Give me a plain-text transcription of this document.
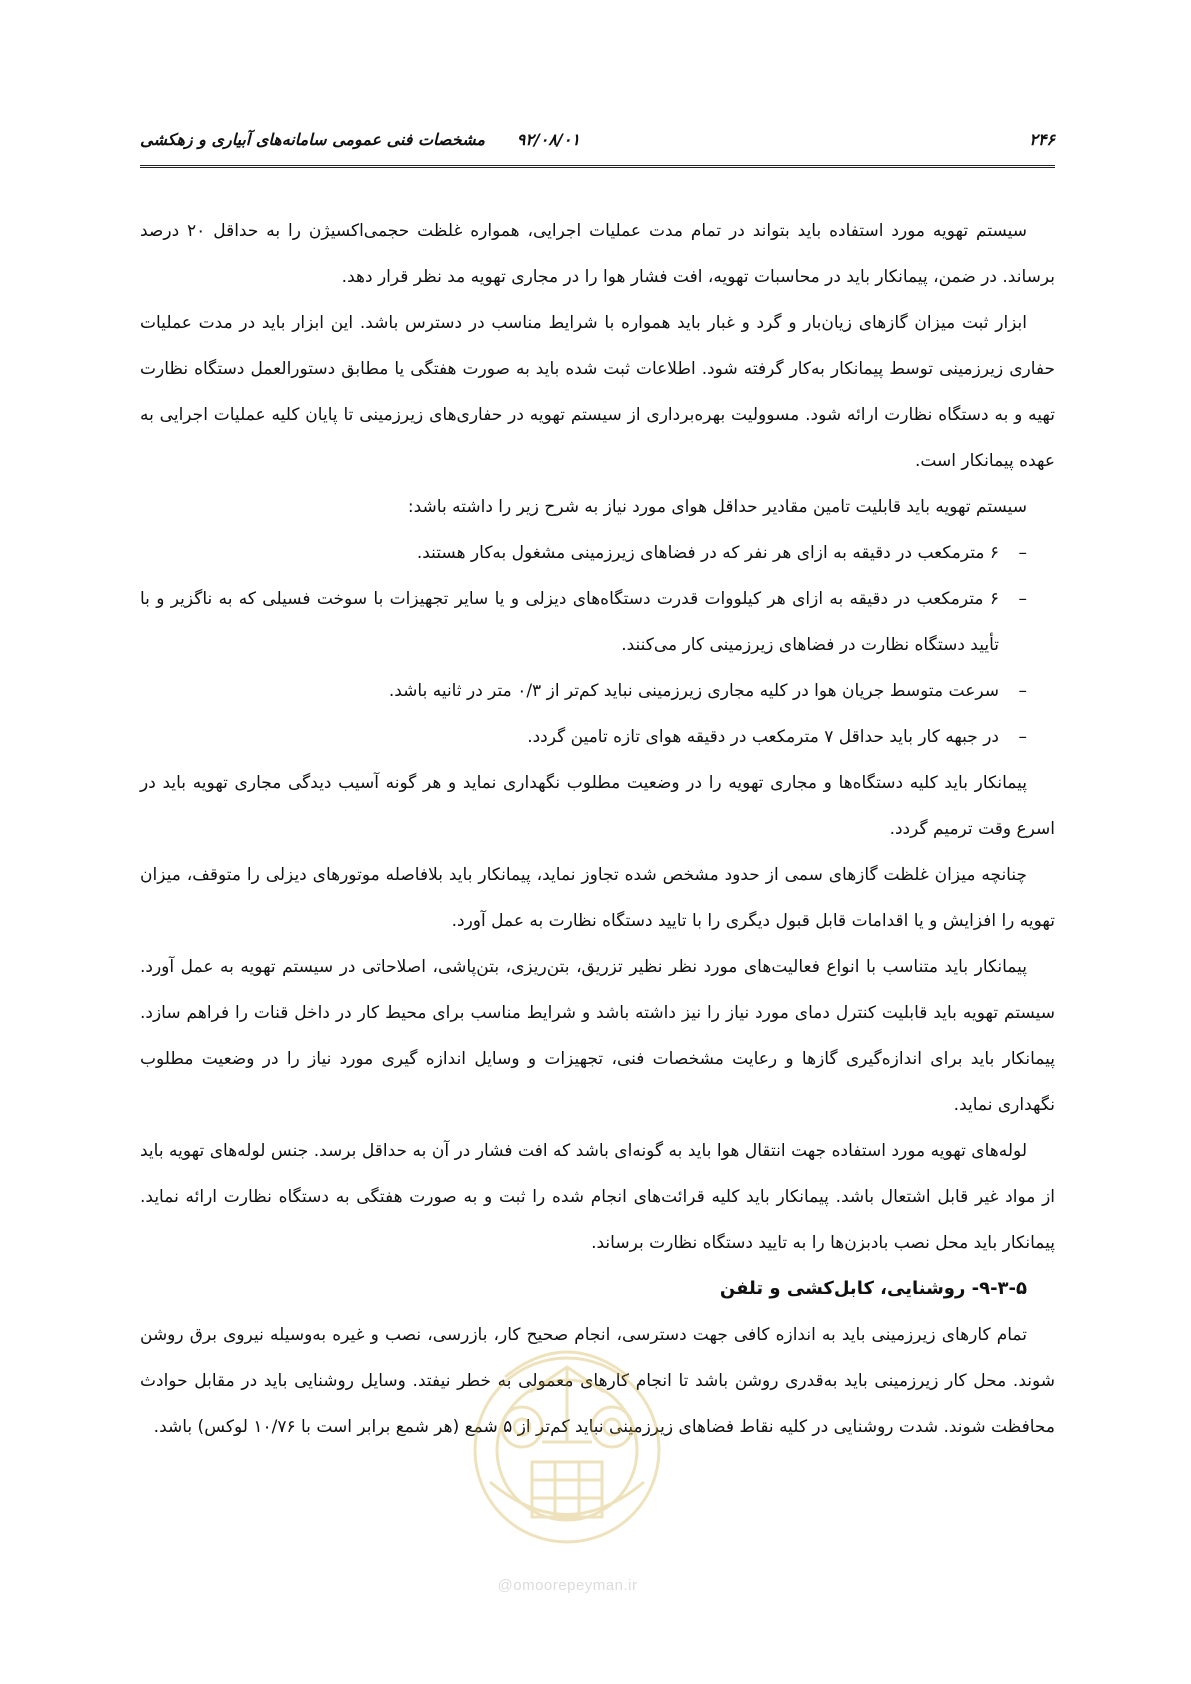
۲۴۶
۹۲/۰۸/۰۱
مشخصات فنی عمومی سامانه‌های آبیاری و زهکشی

سیستم تهویه مورد استفاده باید بتواند در تمام مدت عملیات اجرایی، همواره غلظت حجمی‌اکسیژن را به حداقل ۲۰ درصد برساند. در ضمن، پیمانکار باید در محاسبات تهویه، افت فشار هوا را در مجاری تهویه مد نظر قرار دهد.

ابزار ثبت میزان گازهای زیان‌بار و گرد و غبار باید همواره با شرایط مناسب در دسترس باشد. این ابزار باید در مدت عملیات حفاری زیرزمینی توسط پیمانکار به‌کار گرفته شود. اطلاعات ثبت شده باید به صورت هفتگی یا مطابق دستورالعمل دستگاه نظارت تهیه و به دستگاه نظارت ارائه شود. مسوولیت بهره‌برداری از سیستم تهویه در حفاری‌های زیرزمینی تا پایان کلیه عملیات اجرایی به عهده پیمانکار است.

سیستم تهویه باید قابلیت تامین مقادیر حداقل هوای مورد نیاز به شرح زیر را داشته باشد:

–
۶ مترمکعب در دقیقه به ازای هر نفر که در فضاهای زیرزمینی مشغول به‌کار هستند.
–
۶ مترمکعب در دقیقه به ازای هر کیلووات قدرت دستگاه‌های دیزلی و یا سایر تجهیزات با سوخت فسیلی که به ناگزیر و با تأیید دستگاه نظارت در فضاهای زیرزمینی کار می‌کنند.
–
سرعت متوسط جریان هوا در کلیه مجاری زیرزمینی نباید کم‌تر از ۰/۳ متر در ثانیه باشد.
–
در جبهه کار باید حداقل ۷ مترمکعب در دقیقه هوای تازه تامین گردد.

پیمانکار باید کلیه دستگاه‌ها و مجاری تهویه را در وضعیت مطلوب نگهداری نماید و هر گونه آسیب دیدگی مجاری تهویه باید در اسرع وقت ترمیم گردد.

چنانچه میزان غلظت گازهای سمی از حدود مشخص شده تجاوز نماید، پیمانکار باید بلافاصله موتورهای دیزلی را متوقف، میزان تهویه را افزایش و یا اقدامات قابل قبول دیگری را با تایید دستگاه نظارت به عمل آورد.

پیمانکار باید متناسب با انواع فعالیت‌های مورد نظر نظیر تزریق، بتن‌ریزی، بتن‌پاشی، اصلاحاتی در سیستم تهویه به عمل آورد. سیستم تهویه باید قابلیت کنترل دمای مورد نیاز را نیز داشته باشد و شرایط مناسب برای محیط کار در داخل قنات را فراهم سازد. پیمانکار باید برای اندازه‌گیری گازها و رعایت مشخصات فنی، تجهیزات و وسایل اندازه گیری مورد نیاز را در وضعیت مطلوب نگهداری نماید.

لوله‌های تهویه مورد استفاده جهت انتقال هوا باید به گونه‌ای باشد که افت فشار در آن به حداقل برسد. جنس لوله‌های تهویه باید از مواد غیر قابل اشتعال باشد. پیمانکار باید کلیه قرائت‌های انجام شده را ثبت و به صورت هفتگی به دستگاه نظارت ارائه نماید. پیمانکار باید محل نصب بادبزن‌ها را به تایید دستگاه نظارت برساند.

۹-۳-۵- روشنایی، کابل‌کشی و تلفن

تمام کارهای زیرزمینی باید به اندازه کافی جهت دسترسی، انجام صحیح کار، بازرسی، نصب و غیره به‌وسیله نیروی برق روشن شوند. محل کار زیرزمینی باید به‌قدری روشن باشد تا انجام کارهای معمولی به خطر نیفتد. وسایل روشنایی باید در مقابل حوادث محافظت شوند. شدت روشنایی در کلیه نقاط فضاهای زیرزمینی نباید کم‌تر از ۵ شمع (هر شمع برابر است با ۱۰/۷۶ لوکس) باشد.

@omoorepeyman.ir
